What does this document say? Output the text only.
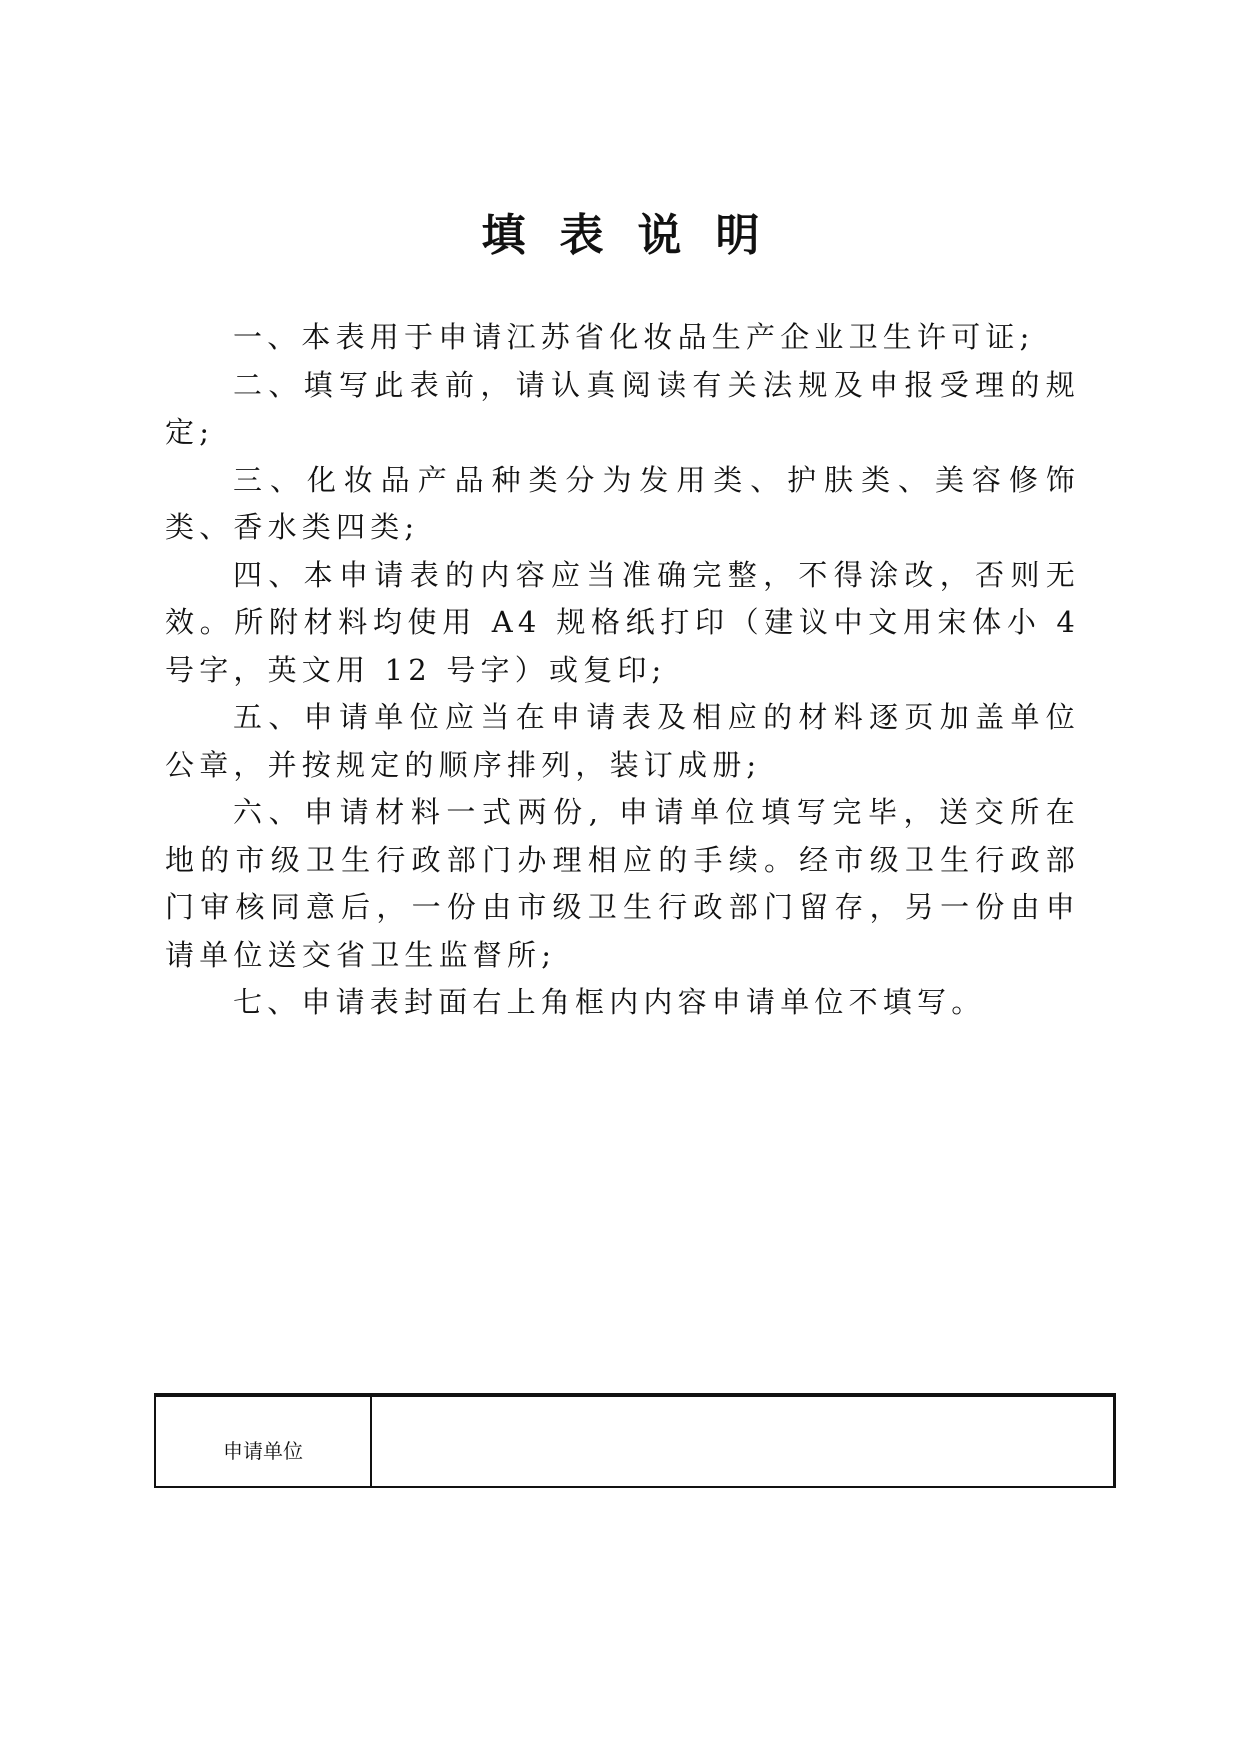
填表说明

一、本表用于申请江苏省化妆品生产企业卫生许可证;

二、填写此表前，请认真阅读有关法规及申报受理的规定;

三、化妆品产品种类分为发用类、护肤类、美容修饰类、香水类四类;

四、本申请表的内容应当准确完整，不得涂改，否则无效。所附材料均使用 A4 规格纸打印（建议中文用宋体小 4 号字，英文用 12 号字）或复印;

五、申请单位应当在申请表及相应的材料逐页加盖单位公章，并按规定的顺序排列，装订成册;

六、申请材料一式两份, 申请单位填写完毕，送交所在地的市级卫生行政部门办理相应的手续。经市级卫生行政部门审核同意后，一份由市级卫生行政部门留存，另一份由申请单位送交省卫生监督所;

七、申请表封面右上角框内内容申请单位不填写。

申请单位	
